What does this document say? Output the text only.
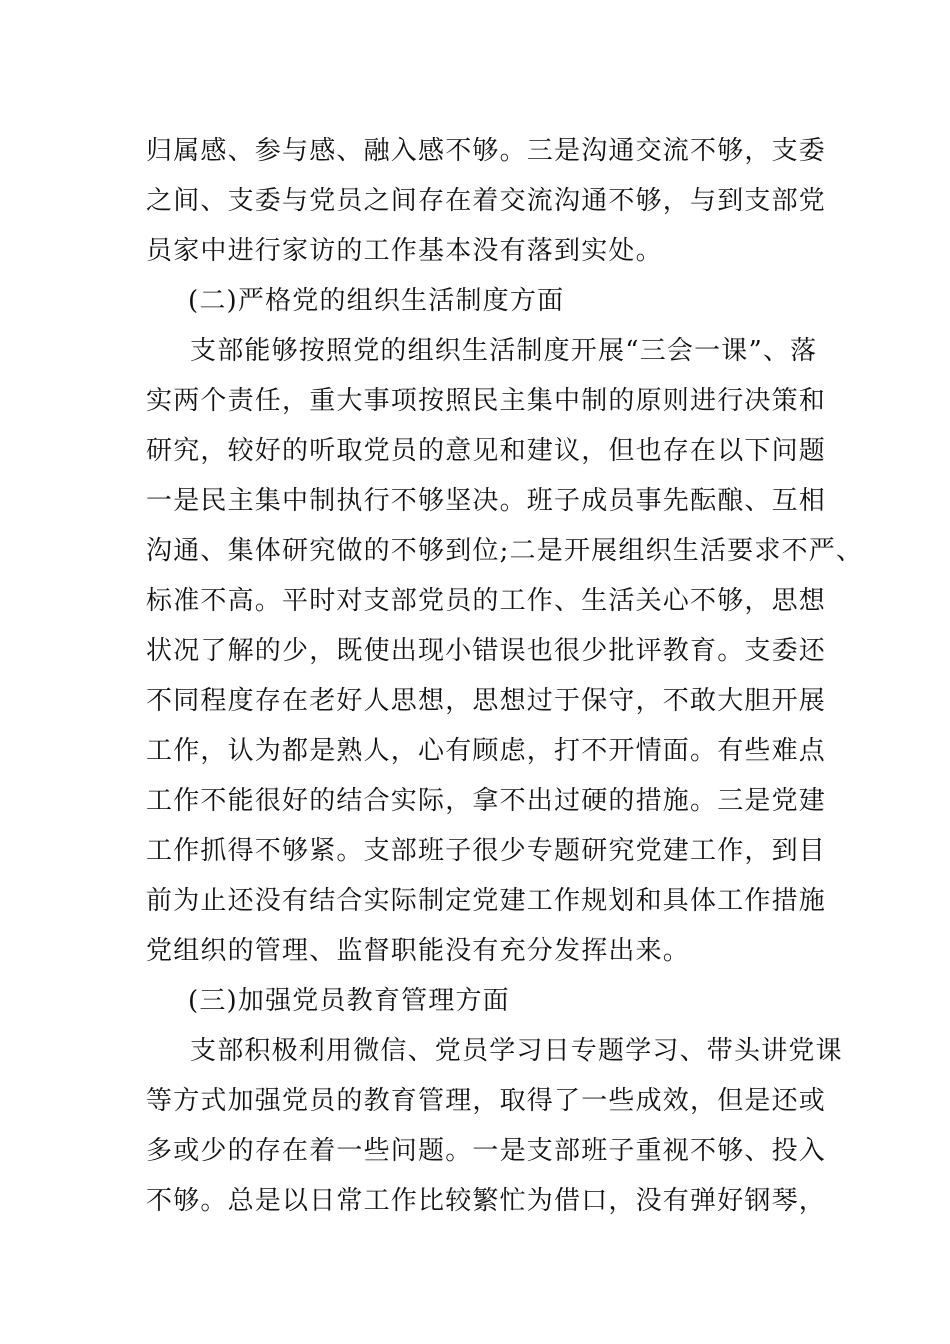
归属感、参与感、融入感不够。三是沟通交流不够，支委
之间、支委与党员之间存在着交流沟通不够，与到支部党
员家中进行家访的工作基本没有落到实处。
(二)严格党的组织生活制度方面
支部能够按照党的组织生活制度开展“三会一课”、落
实两个责任，重大事项按照民主集中制的原则进行决策和
研究，较好的听取党员的意见和建议，但也存在以下问题
一是民主集中制执行不够坚决。班子成员事先酝酿、互相
沟通、集体研究做的不够到位;二是开展组织生活要求不严、
标准不高。平时对支部党员的工作、生活关心不够，思想
状况了解的少，既使出现小错误也很少批评教育。支委还
不同程度存在老好人思想，思想过于保守，不敢大胆开展
工作，认为都是熟人，心有顾虑，打不开情面。有些难点
工作不能很好的结合实际，拿不出过硬的措施。三是党建
工作抓得不够紧。支部班子很少专题研究党建工作，到目
前为止还没有结合实际制定党建工作规划和具体工作措施
党组织的管理、监督职能没有充分发挥出来。
(三)加强党员教育管理方面
支部积极利用微信、党员学习日专题学习、带头讲党课
等方式加强党员的教育管理，取得了一些成效，但是还或
多或少的存在着一些问题。一是支部班子重视不够、投入
不够。总是以日常工作比较繁忙为借口，没有弹好钢琴，
